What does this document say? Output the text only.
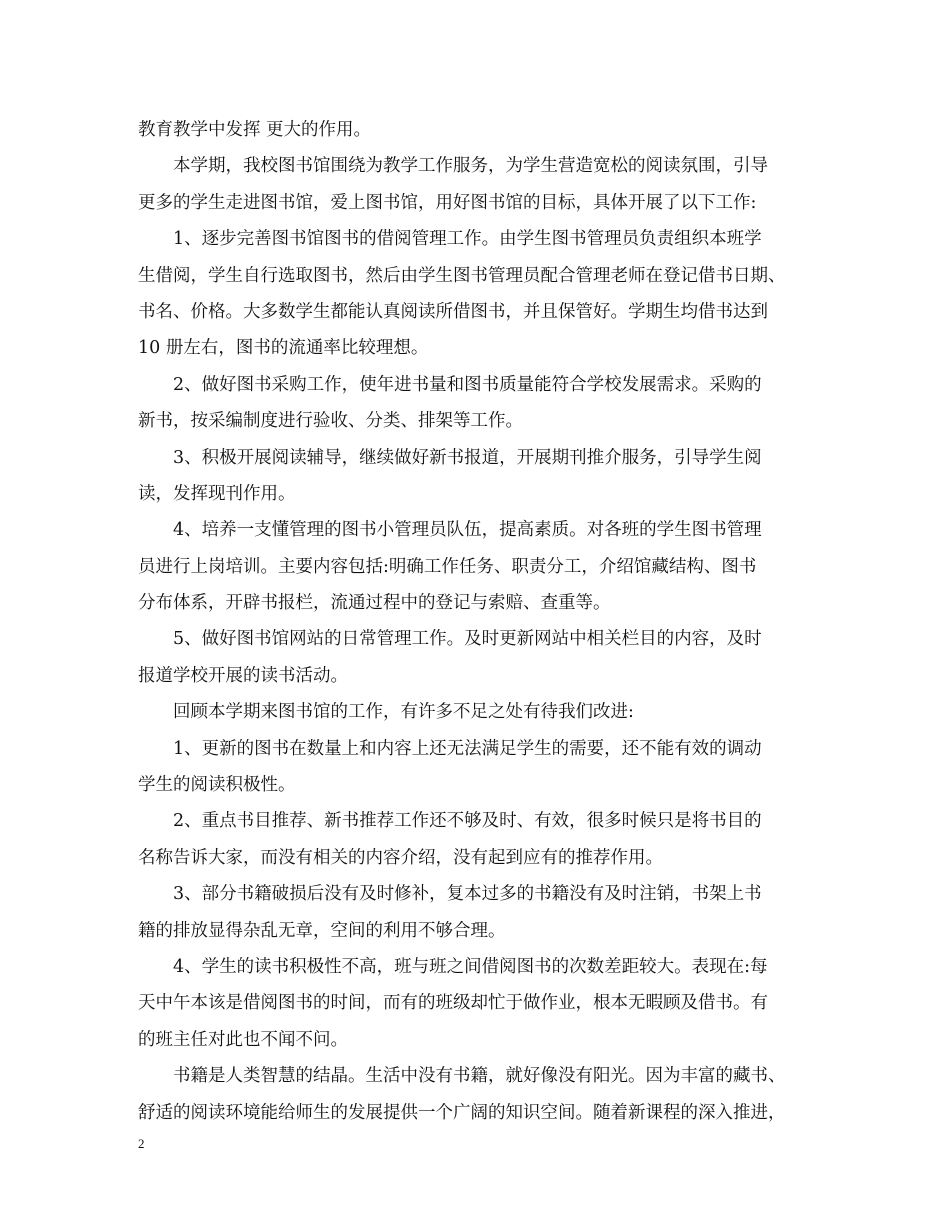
教育教学中发挥 更大的作用。
本学期，我校图书馆围绕为教学工作服务，为学生营造宽松的阅读氛围，引导
更多的学生走进图书馆，爱上图书馆，用好图书馆的目标，具体开展了以下工作:
1、逐步完善图书馆图书的借阅管理工作。由学生图书管理员负责组织本班学
生借阅，学生自行选取图书，然后由学生图书管理员配合管理老师在登记借书日期、
书名、价格。大多数学生都能认真阅读所借图书，并且保管好。学期生均借书达到
10 册左右，图书的流通率比较理想。
2、做好图书采购工作，使年进书量和图书质量能符合学校发展需求。采购的
新书，按采编制度进行验收、分类、排架等工作。
3、积极开展阅读辅导，继续做好新书报道，开展期刊推介服务，引导学生阅
读，发挥现刊作用。
4、培养一支懂管理的图书小管理员队伍，提高素质。对各班的学生图书管理
员进行上岗培训。主要内容包括:明确工作任务、职责分工，介绍馆藏结构、图书
分布体系，开辟书报栏，流通过程中的登记与索赔、查重等。
5、做好图书馆网站的日常管理工作。及时更新网站中相关栏目的内容，及时
报道学校开展的读书活动。
回顾本学期来图书馆的工作，有许多不足之处有待我们改进:
1、更新的图书在数量上和内容上还无法满足学生的需要，还不能有效的调动
学生的阅读积极性。
2、重点书目推荐、新书推荐工作还不够及时、有效，很多时候只是将书目的
名称告诉大家，而没有相关的内容介绍，没有起到应有的推荐作用。
3、部分书籍破损后没有及时修补，复本过多的书籍没有及时注销，书架上书
籍的排放显得杂乱无章，空间的利用不够合理。
4、学生的读书积极性不高，班与班之间借阅图书的次数差距较大。表现在:每
天中午本该是借阅图书的时间，而有的班级却忙于做作业，根本无暇顾及借书。有
的班主任对此也不闻不问。
书籍是人类智慧的结晶。生活中没有书籍，就好像没有阳光。因为丰富的藏书、
舒适的阅读环境能给师生的发展提供一个广阔的知识空间。随着新课程的深入推进，
2
